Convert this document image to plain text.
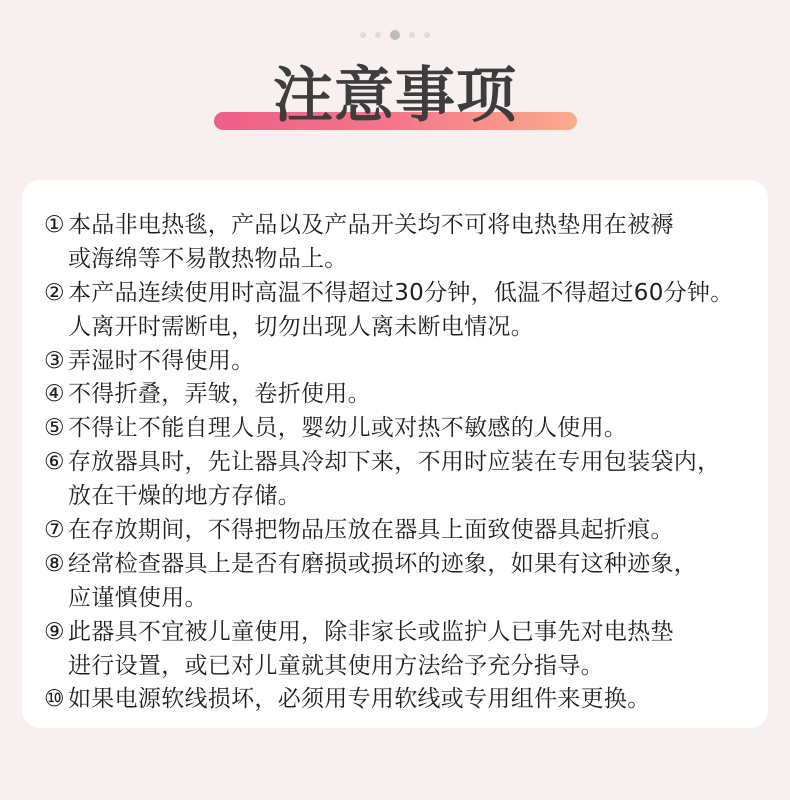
注意事项
① 本品非电热毯，产品以及产品开关均不可将电热垫用在被褥
或海绵等不易散热物品上。
② 本产品连续使用时高温不得超过30分钟，低温不得超过60分钟。
人离开时需断电，切勿出现人离未断电情况。
③ 弄湿时不得使用。
④ 不得折叠，弄皱，卷折使用。
⑤ 不得让不能自理人员，婴幼儿或对热不敏感的人使用。
⑥ 存放器具时，先让器具冷却下来，不用时应装在专用包装袋内，
放在干燥的地方存储。
⑦ 在存放期间，不得把物品压放在器具上面致使器具起折痕。
⑧ 经常检查器具上是否有磨损或损坏的迹象，如果有这种迹象，
应谨慎使用。
⑨ 此器具不宜被儿童使用，除非家长或监护人已事先对电热垫
进行设置，或已对儿童就其使用方法给予充分指导。
⑩ 如果电源软线损坏，必须用专用软线或专用组件来更换。
